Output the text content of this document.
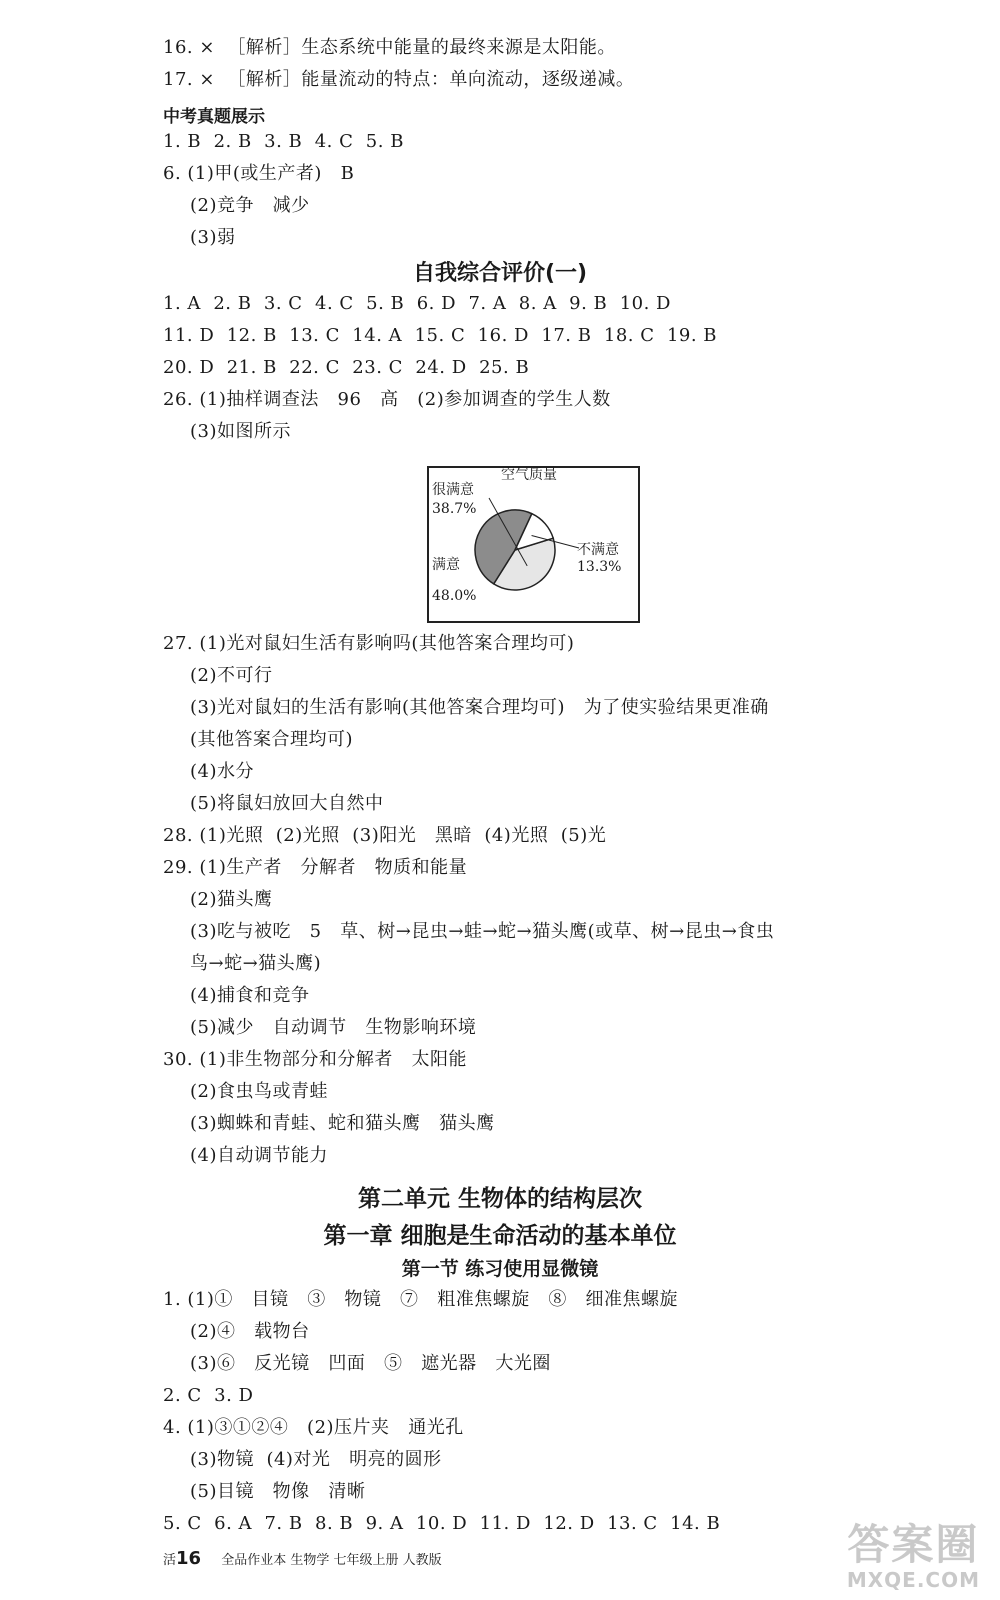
16. ×  ［解析］生态系统中能量的最终来源是太阳能。
17. ×  ［解析］能量流动的特点：单向流动，逐级递减。
中考真题展示
1. B  2. B  3. B  4. C  5. B
6. (1)甲(或生产者)   B
(2)竞争   减少
(3)弱
自我综合评价(一)
1. A  2. B  3. C  4. C  5. B  6. D  7. A  8. A  9. B  10. D
11. D  12. B  13. C  14. A  15. C  16. D  17. B  18. C  19. B
20. D  21. B  22. C  23. C  24. D  25. B
26. (1)抽样调查法   96   高   (2)参加调查的学生人数
(3)如图所示
空气质量
很满意
38.7%
满意
48.0%
不满意
13.3%
27. (1)光对鼠妇生活有影响吗(其他答案合理均可)
(2)不可行
(3)光对鼠妇的生活有影响(其他答案合理均可)   为了使实验结果更准确
(其他答案合理均可)
(4)水分
(5)将鼠妇放回大自然中
28. (1)光照  (2)光照  (3)阳光   黑暗  (4)光照  (5)光
29. (1)生产者   分解者   物质和能量
(2)猫头鹰
(3)吃与被吃   5   草、树→昆虫→蛙→蛇→猫头鹰(或草、树→昆虫→食虫
鸟→蛇→猫头鹰)
(4)捕食和竞争
(5)减少   自动调节   生物影响环境
30. (1)非生物部分和分解者   太阳能
(2)食虫鸟或青蛙
(3)蜘蛛和青蛙、蛇和猫头鹰   猫头鹰
(4)自动调节能力
第二单元 生物体的结构层次
第一章 细胞是生命活动的基本单位
第一节 练习使用显微镜
1. (1)①   目镜   ③   物镜   ⑦   粗准焦螺旋   ⑧   细准焦螺旋
(2)④   载物台
(3)⑥   反光镜   凹面   ⑤   遮光器   大光圈
2. C  3. D
4. (1)③①②④   (2)压片夹   通光孔
(3)物镜  (4)对光   明亮的圆形
(5)目镜   物像   清晰
5. C  6. A  7. B  8. B  9. A  10. D  11. D  12. D  13. C  14. B
活16 全品作业本 生物学 七年级上册 人教版	答案圈
MXQE.COM
